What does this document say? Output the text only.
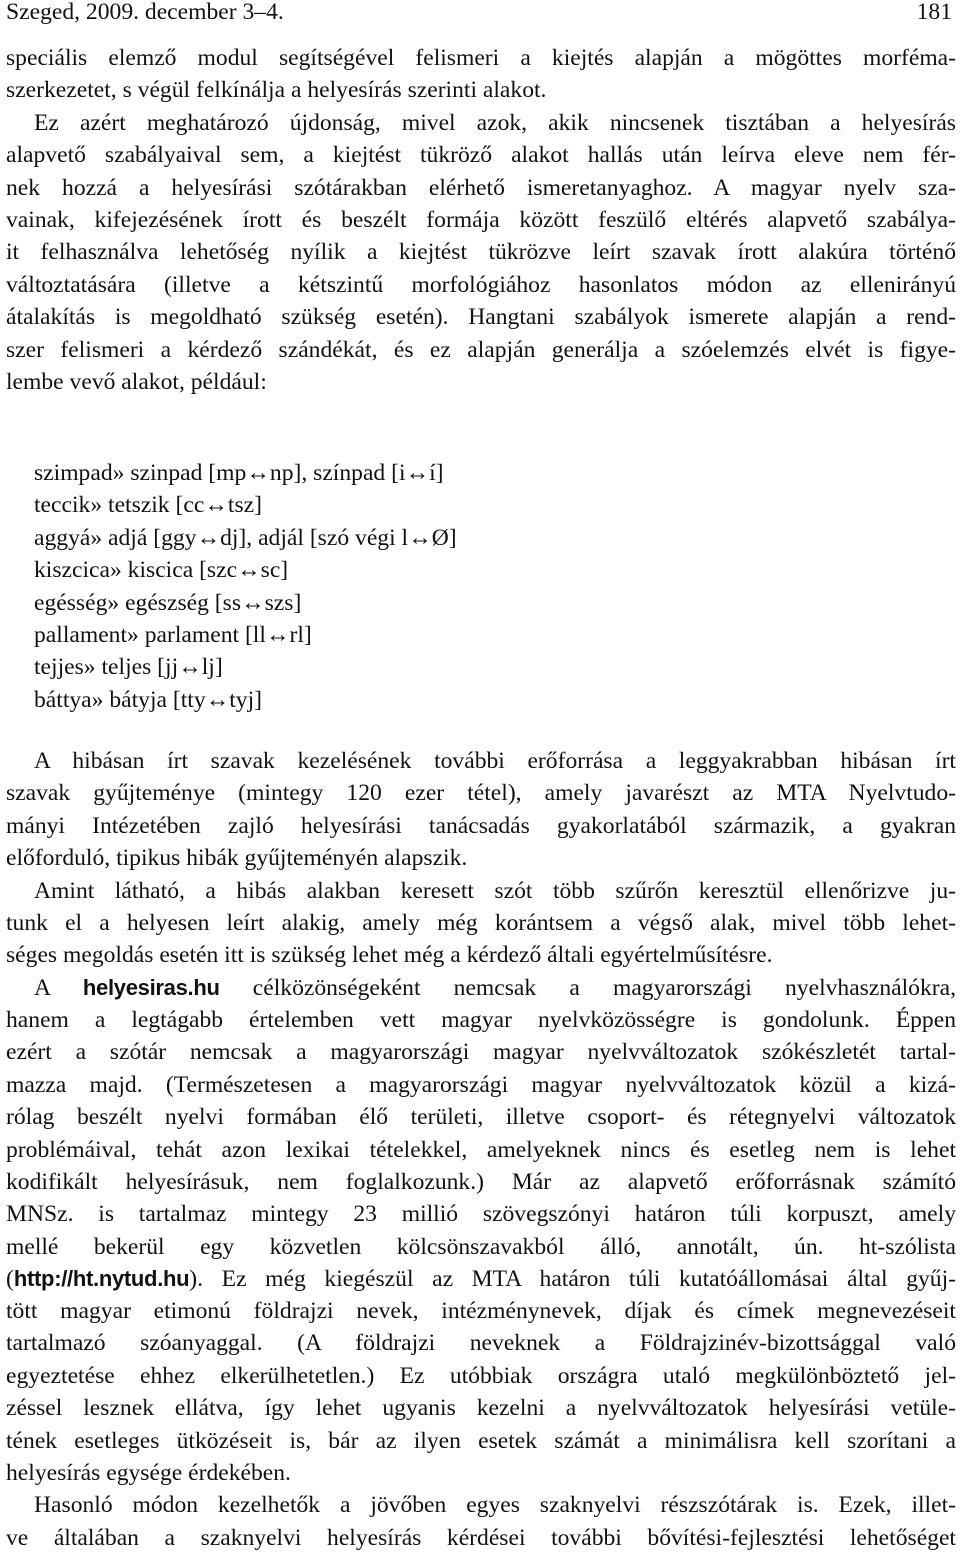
Szeged, 2009. december 3–4.	181
speciális elemző modul segítségével felismeri a kiejtés alapján a mögöttes morféma-
szerkezetet, s végül felkínálja a helyesírás szerinti alakot.
Ez azért meghatározó újdonság, mivel azok, akik nincsenek tisztában a helyesírás
alapvető szabályaival sem, a kiejtést tükröző alakot hallás után leírva eleve nem fér-
nek hozzá a helyesírási szótárakban elérhető ismeretanyaghoz. A magyar nyelv sza-
vainak, kifejezésének írott és beszélt formája között feszülő eltérés alapvető szabálya-
it felhasználva lehetőség nyílik a kiejtést tükrözve leírt szavak írott alakúra történő
változtatására (illetve a kétszintű morfológiához hasonlatos módon az ellenirányú
átalakítás is megoldható szükség esetén). Hangtani szabályok ismerete alapján a rend-
szer felismeri a kérdező szándékát, és ez alapján generálja a szóelemzés elvét is figye-
lembe vevő alakot, például:
szimpad» szinpad [mp↔np], színpad [i↔í]
teccik» tetszik [cc↔tsz]
aggyá» adjá [ggy↔dj], adjál [szó végi l↔Ø]
kiszcica» kiscica [szc↔sc]
egésség» egészség [ss↔szs]
pallament» parlament [ll↔rl]
tejjes» teljes [jj↔lj]
báttya» bátyja [tty↔tyj]
A hibásan írt szavak kezelésének további erőforrása a leggyakrabban hibásan írt
szavak gyűjteménye (mintegy 120 ezer tétel), amely javarészt az MTA Nyelvtudo-
mányi Intézetében zajló helyesírási tanácsadás gyakorlatából származik, a gyakran
előforduló, tipikus hibák gyűjteményén alapszik.
Amint látható, a hibás alakban keresett szót több szűrőn keresztül ellenőrizve ju-
tunk el a helyesen leírt alakig, amely még korántsem a végső alak, mivel több lehet-
séges megoldás esetén itt is szükség lehet még a kérdező általi egyértelműsítésre.
A helyesiras.hu célközönségeként nemcsak a magyarországi nyelvhasználókra,
hanem a legtágabb értelemben vett magyar nyelvközösségre is gondolunk. Éppen
ezért a szótár nemcsak a magyarországi magyar nyelvváltozatok szókészletét tartal-
mazza majd. (Természetesen a magyarországi magyar nyelvváltozatok közül a kizá-
rólag beszélt nyelvi formában élő területi, illetve csoport- és rétegnyelvi változatok
problémáival, tehát azon lexikai tételekkel, amelyeknek nincs és esetleg nem is lehet
kodifikált helyesírásuk, nem foglalkozunk.) Már az alapvető erőforrásnak számító
MNSz. is tartalmaz mintegy 23 millió szövegszónyi határon túli korpuszt, amely
mellé bekerül egy közvetlen kölcsönszavakból álló, annotált, ún. ht-szólista
(http://ht.nytud.hu). Ez még kiegészül az MTA határon túli kutatóállomásai által gyűj-
tött magyar etimonú földrajzi nevek, intézménynevek, díjak és címek megnevezéseit
tartalmazó szóanyaggal. (A földrajzi neveknek a Földrajzinév-bizottsággal való
egyeztetése ehhez elkerülhetetlen.) Ez utóbbiak országra utaló megkülönböztető jel-
zéssel lesznek ellátva, így lehet ugyanis kezelni a nyelvváltozatok helyesírási vetüle-
tének esetleges ütközéseit is, bár az ilyen esetek számát a minimálisra kell szorítani a
helyesírás egysége érdekében.
Hasonló módon kezelhetők a jövőben egyes szaknyelvi részszótárak is. Ezek, illet-
ve általában a szaknyelvi helyesírás kérdései további bővítési-fejlesztési lehetőséget
